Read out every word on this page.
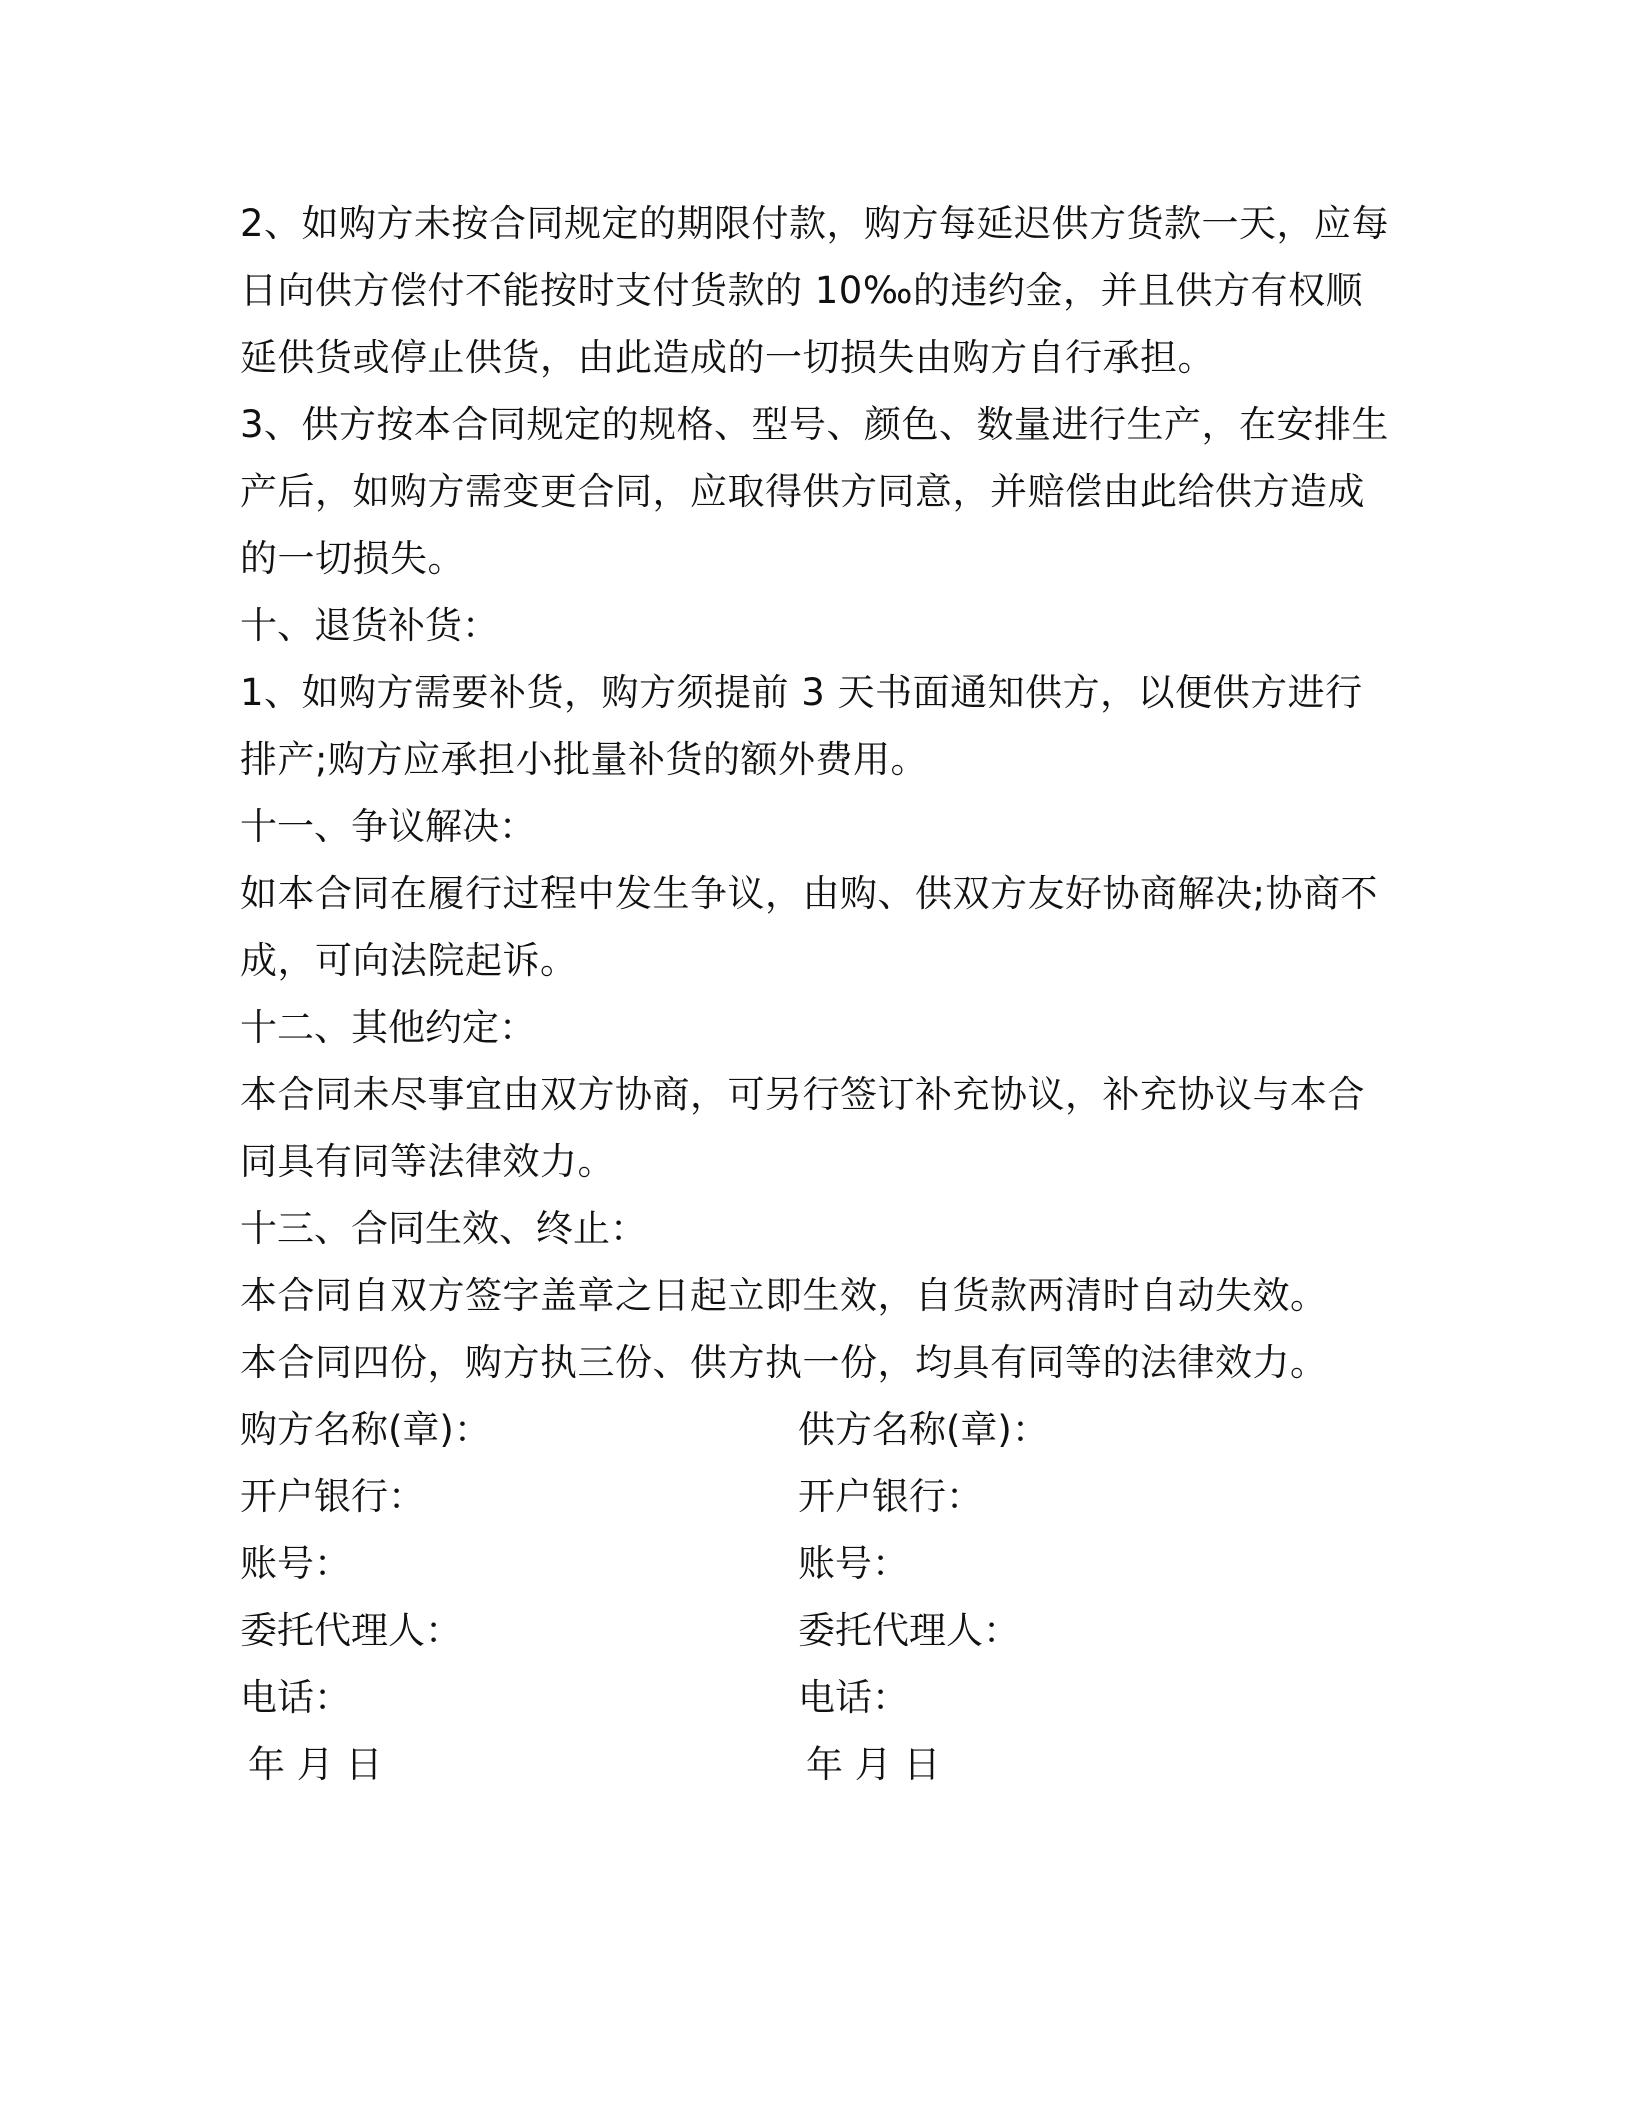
2、如购方未按合同规定的期限付款，购方每延迟供方货款一天，应每日向供方偿付不能按时支付货款的 10‰的违约金，并且供方有权顺延供货或停止供货，由此造成的一切损失由购方自行承担。

3、供方按本合同规定的规格、型号、颜色、数量进行生产，在安排生产后，如购方需变更合同，应取得供方同意，并赔偿由此给供方造成的一切损失。

十、退货补货：

1、如购方需要补货，购方须提前 3 天书面通知供方，以便供方进行排产;购方应承担小批量补货的额外费用。

十一、争议解决：

如本合同在履行过程中发生争议，由购、供双方友好协商解决;协商不成，可向法院起诉。

十二、其他约定：

本合同未尽事宜由双方协商，可另行签订补充协议，补充协议与本合同具有同等法律效力。

十三、合同生效、终止：

本合同自双方签字盖章之日起立即生效，自货款两清时自动失效。

本合同四份，购方执三份、供方执一份，均具有同等的法律效力。

购方名称(章)：	供方名称(章)：
开户银行：	开户银行：
账号：	账号：
委托代理人：	委托代理人：
电话：	电话：
年 月 日	年 月 日
